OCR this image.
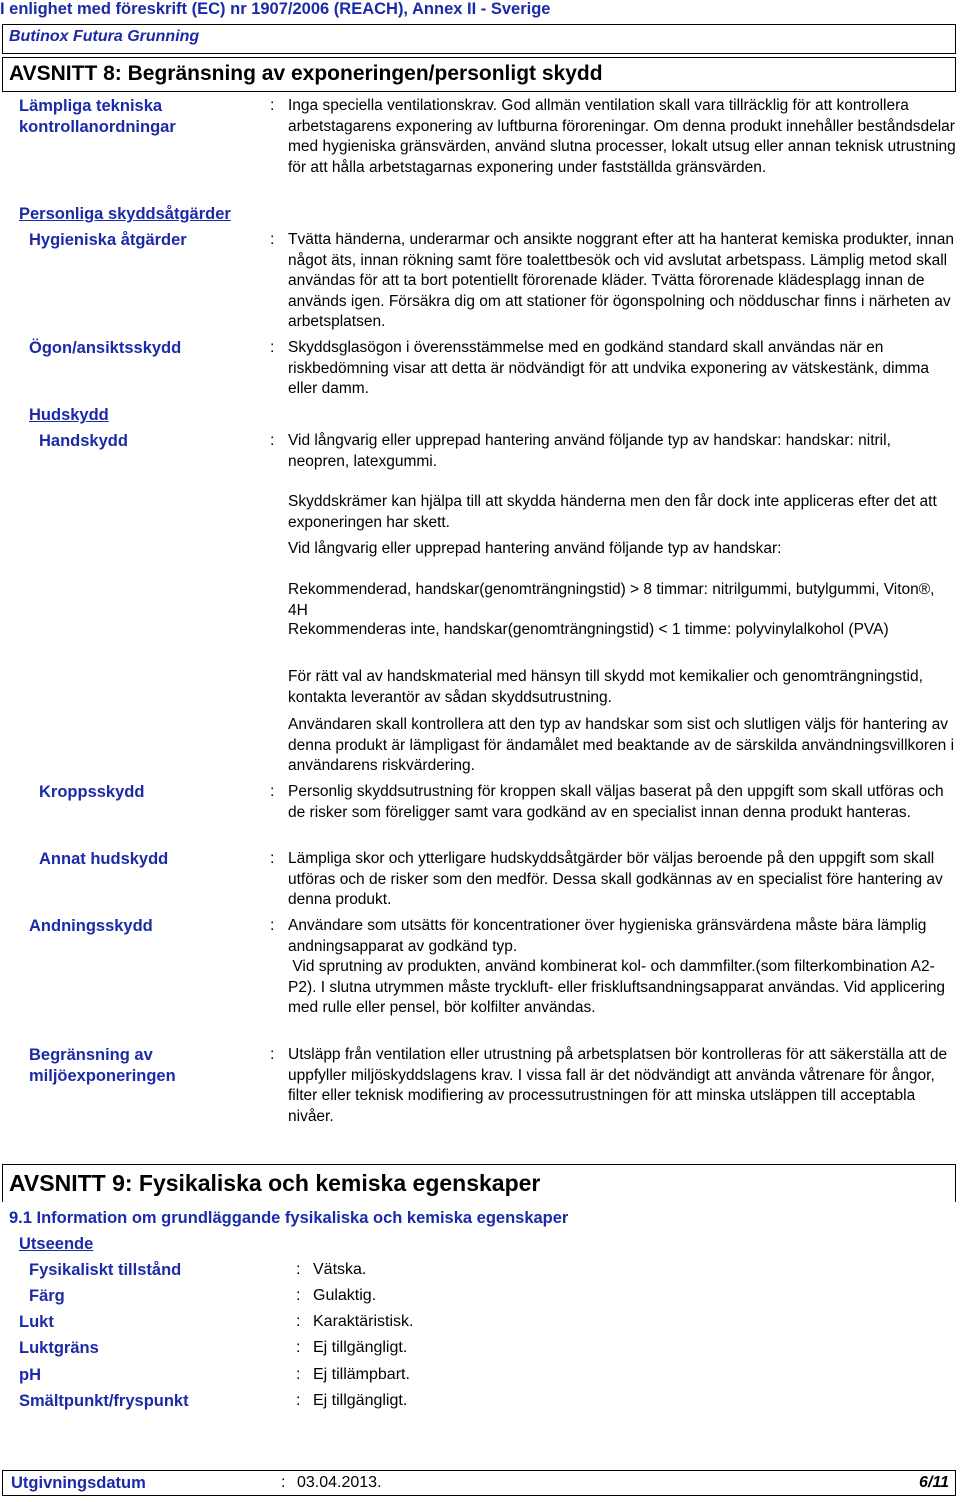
I enlighet med föreskrift (EC) nr 1907/2006 (REACH), Annex II - Sverige
Butinox Futura Grunning
AVSNITT 8: Begränsning av exponeringen/personligt skydd
Lämpliga tekniska kontrollanordningar
: Inga speciella ventilationskrav. God allmän ventilation skall vara tillräcklig för att kontrollera arbetstagarens exponering av luftburna föroreningar. Om denna produkt innehåller beståndsdelar med hygieniska gränsvärden, använd slutna processer, lokalt utsug eller annan teknisk utrustning för att hålla arbetstagarnas exponering under fastställda gränsvärden.
Personliga skyddsåtgärder
Hygieniska åtgärder	: Tvätta händerna, underarmar och ansikte noggrant efter att ha hanterat kemiska produkter, innan något äts, innan rökning samt före toalettbesök och vid avslutat arbetspass. Lämplig metod skall användas för att ta bort potentiellt förorenade kläder. Tvätta förorenade klädesplagg innan de används igen. Försäkra dig om att stationer för ögonspolning och nödduschar finns i närheten av arbetsplatsen.
Ögon/ansiktsskydd	: Skyddsglasögon i överensstämmelse med en godkänd standard skall användas när en riskbedömning visar att detta är nödvändigt för att undvika exponering av vätskestänk, dimma eller damm.
Hudskydd
Handskydd	: Vid långvarig eller upprepad hantering använd följande typ av handskar: handskar: nitril, neopren, latexgummi.
Skyddskrämer kan hjälpa till att skydda händerna men den får dock inte appliceras efter det att exponeringen har skett.
Vid långvarig eller upprepad hantering använd följande typ av handskar:
Rekommenderad, handskar(genomträngningstid) > 8 timmar: nitrilgummi, butylgummi, Viton®, 4H
Rekommenderas inte, handskar(genomträngningstid) < 1 timme: polyvinylalkohol (PVA)
För rätt val av handskmaterial med hänsyn till skydd mot kemikalier och genomträngningstid, kontakta leverantör av sådan skyddsutrustning.
Användaren skall kontrollera att den typ av handskar som sist och slutligen väljs för hantering av denna produkt är lämpligast för ändamålet med beaktande av de särskilda användningsvillkoren i användarens riskvärdering.
Kroppsskydd	: Personlig skyddsutrustning för kroppen skall väljas baserat på den uppgift som skall utföras och de risker som föreligger samt vara godkänd av en specialist innan denna produkt hanteras.
Annat hudskydd	: Lämpliga skor och ytterligare hudskyddsåtgärder bör väljas beroende på den uppgift som skall utföras och de risker som den medför. Dessa skall godkännas av en specialist före hantering av denna produkt.
Andningsskydd	: Användare som utsätts för koncentrationer över hygieniska gränsvärdena måste bära lämplig andningsapparat av godkänd typ.
Vid sprutning av produkten, använd kombinerat kol- och dammfilter.(som filterkombination A2-P2). I slutna utrymmen måste tryckluft- eller friskluftsandningsapparat användas. Vid applicering med rulle eller pensel, bör kolfilter användas.
Begränsning av miljöexponeringen
: Utsläpp från ventilation eller utrustning på arbetsplatsen bör kontrolleras för att säkerställa att de uppfyller miljöskyddslagens krav. I vissa fall är det nödvändigt att använda våtrenare för ångor, filter eller teknisk modifiering av processutrustningen för att minska utsläppen till acceptabla nivåer.
AVSNITT 9: Fysikaliska och kemiska egenskaper
9.1 Information om grundläggande fysikaliska och kemiska egenskaper
Utseende
Fysikaliskt tillstånd	: Vätska.
Färg	: Gulaktig.
Lukt	: Karaktäristisk.
Luktgräns	: Ej tillgängligt.
pH	: Ej tillämpbart.
Smältpunkt/fryspunkt	: Ej tillgängligt.
Utgivningsdatum	: 03.04.2013.	6/11
